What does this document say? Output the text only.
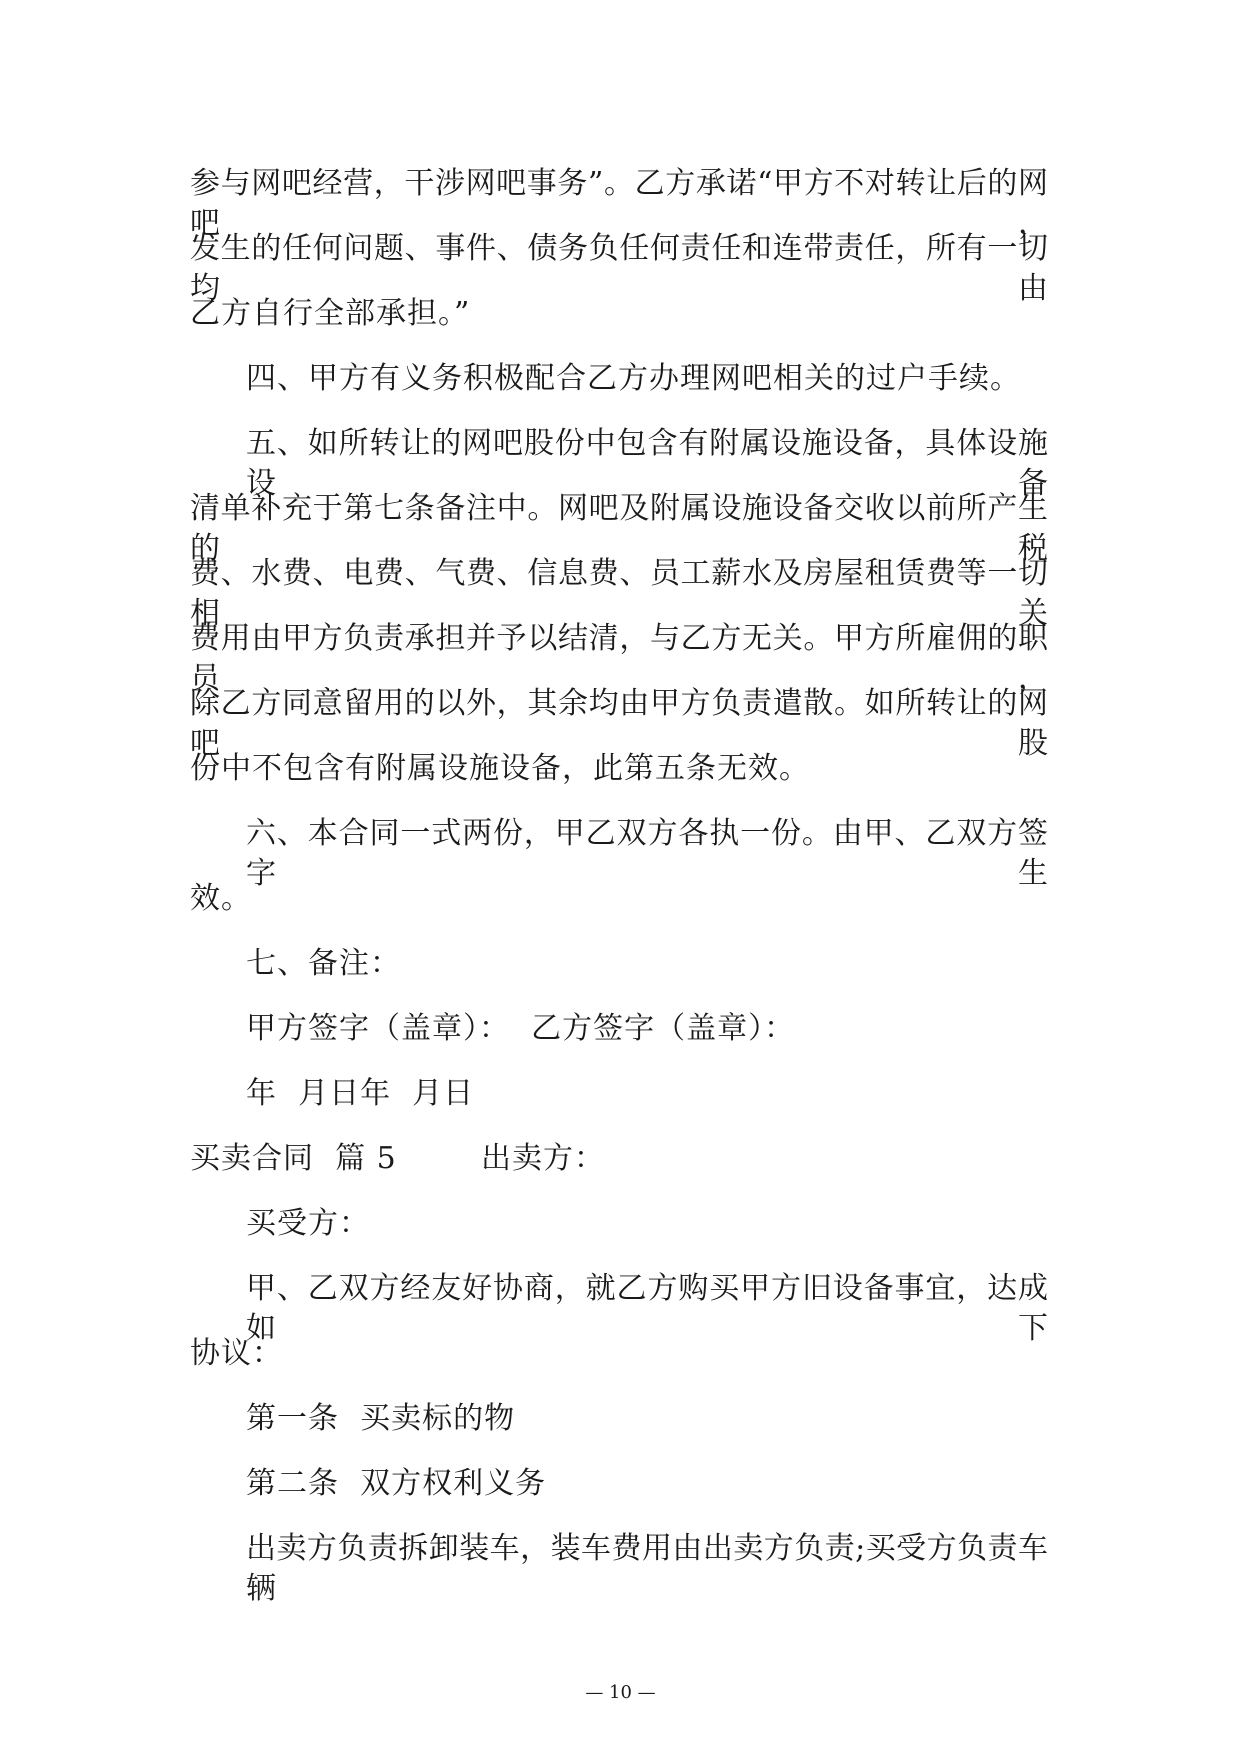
参与网吧经营，干涉网吧事务”。乙方承诺“甲方不对转让后的网吧，
发生的任何问题、事件、债务负任何责任和连带责任，所有一切均由
乙方自行全部承担。”
四、甲方有义务积极配合乙方办理网吧相关的过户手续。
五、如所转让的网吧股份中包含有附属设施设备，具体设施设备
清单补充于第七条备注中。网吧及附属设施设备交收以前所产生的税
费、水费、电费、气费、信息费、员工薪水及房屋租赁费等一切相关
费用由甲方负责承担并予以结清，与乙方无关。甲方所雇佣的职员，
除乙方同意留用的以外，其余均由甲方负责遣散。如所转让的网吧股
份中不包含有附属设施设备，此第五条无效。
六、本合同一式两份，甲乙双方各执一份。由甲、乙双方签字生
效。
七、备注：
甲方签字（盖章）：  乙方签字（盖章）：
年  月日年  月日
买卖合同  篇 5        出卖方：
买受方：
甲、乙双方经友好协商，就乙方购买甲方旧设备事宜，达成如下
协议：
第一条  买卖标的物
第二条  双方权利义务
出卖方负责拆卸装车，装车费用由出卖方负责;买受方负责车辆
— 10 —
